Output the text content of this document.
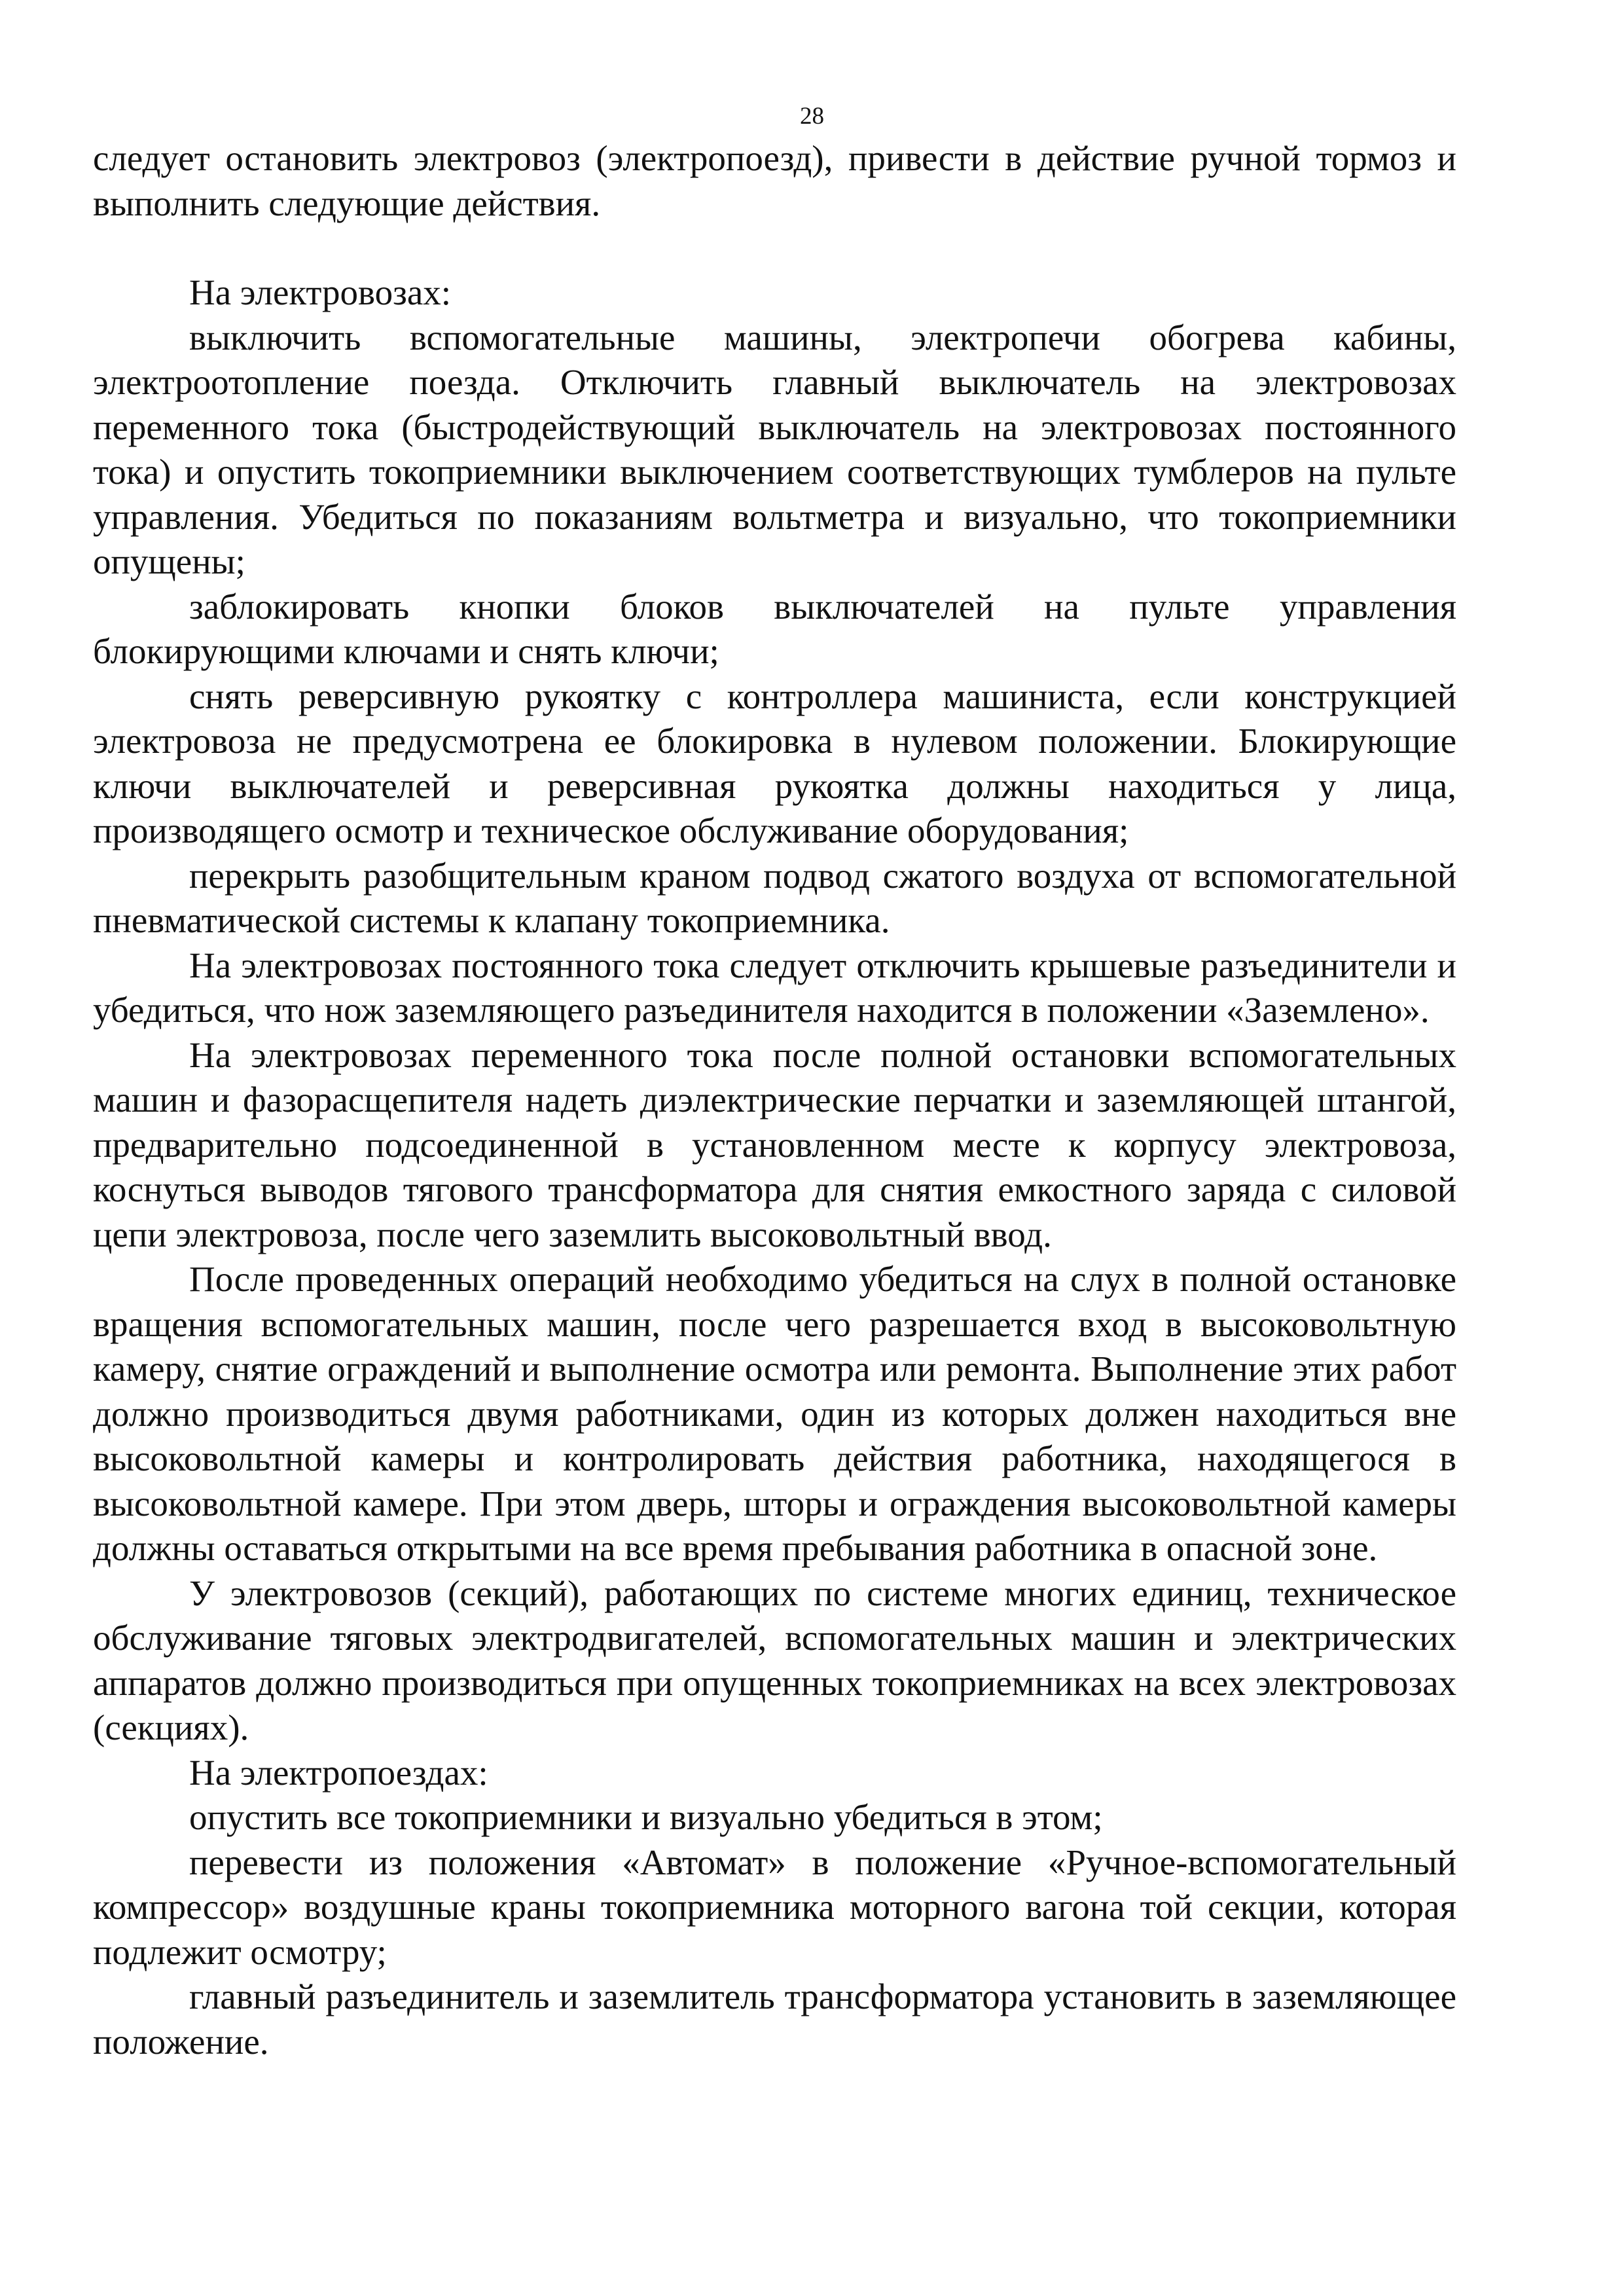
28

следует остановить электровоз (электропоезд), привести в действие ручной тормоз и выполнить следующие действия.

На электровозах:

выключить вспомогательные машины, электропечи обогрева кабины, электроотопление поезда. Отключить главный выключатель на электровозах переменного тока (быстродействующий выключатель на электровозах постоянного тока) и опустить токоприемники выключением соответствующих тумблеров на пульте управления. Убедиться по показаниям вольтметра и визуально, что токоприемники опущены;

заблокировать кнопки блоков выключателей на пульте управления блокирующими ключами и снять ключи;

снять реверсивную рукоятку с контроллера машиниста, если конструкцией электровоза не предусмотрена ее блокировка в нулевом положении. Блокирующие ключи выключателей и реверсивная рукоятка должны находиться у лица, производящего осмотр и техническое обслуживание оборудования;

перекрыть разобщительным краном подвод сжатого воздуха от вспомогательной пневматической системы к клапану токоприемника.

На электровозах постоянного тока следует отключить крышевые разъединители и убедиться, что нож заземляющего разъединителя находится в положении «Заземлено».

На электровозах переменного тока после полной остановки вспомогательных машин и фазорасщепителя надеть диэлектрические перчатки и заземляющей штангой, предварительно подсоединенной в установленном месте к корпусу электровоза, коснуться выводов тягового трансформатора для снятия емкостного заряда с силовой цепи электровоза, после чего заземлить высоковольтный ввод.

После проведенных операций необходимо убедиться на слух в полной остановке вращения вспомогательных машин, после чего разрешается вход в высоковольтную камеру, снятие ограждений и выполнение осмотра или ремонта. Выполнение этих работ должно производиться двумя работниками, один из которых должен находиться вне высоковольтной камеры и контролировать действия работника, находящегося в высоковольтной камере. При этом дверь, шторы и ограждения высоковольтной камеры должны оставаться открытыми на все время пребывания работника в опасной зоне.

У электровозов (секций), работающих по системе многих единиц, техническое обслуживание тяговых электродвигателей, вспомогательных машин и электрических аппаратов должно производиться при опущенных токоприемниках на всех электровозах (секциях).

На электропоездах:

опустить все токоприемники и визуально убедиться в этом;

перевести из положения «Автомат» в положение «Ручное-вспомогательный компрессор» воздушные краны токоприемника моторного вагона той секции, которая подлежит осмотру;

главный разъединитель и заземлитель трансформатора установить в заземляющее положение.
